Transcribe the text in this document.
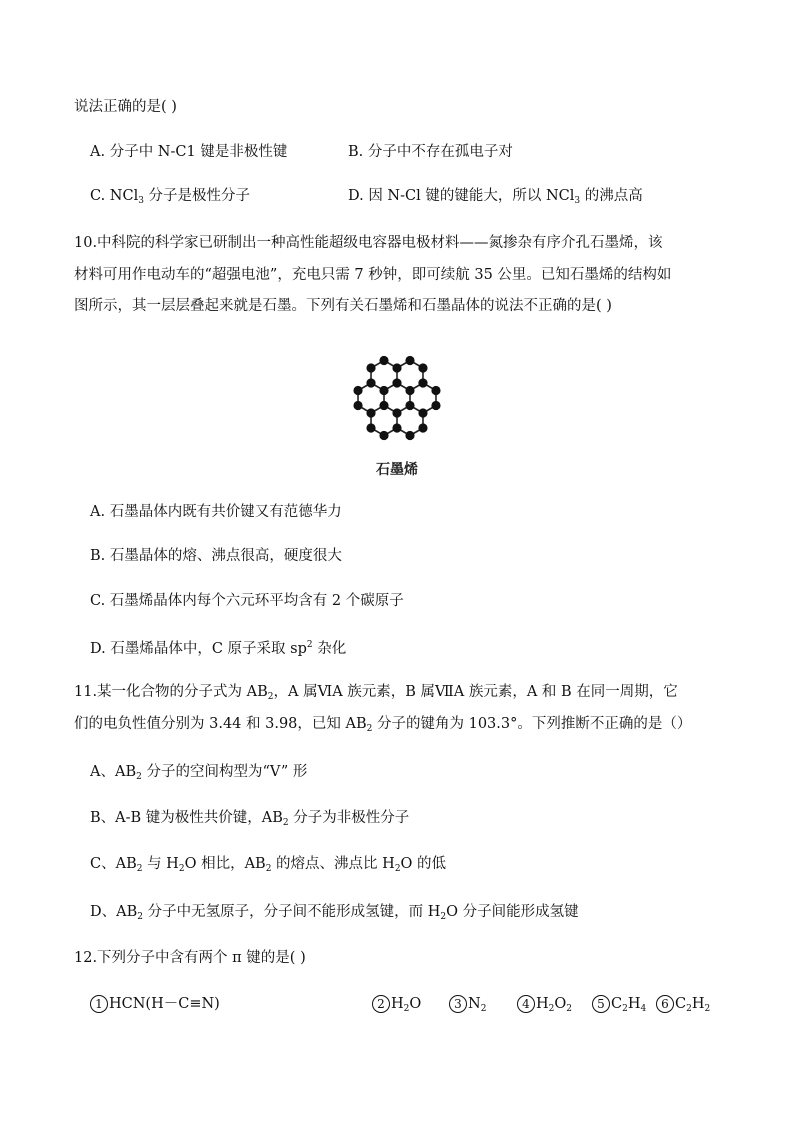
说法正确的是( )
A. 分子中 N-C1 键是非极性键	B. 分子中不存在孤电子对
C. NCl$_3$ 分子是极性分子	D. 因 N-Cl 键的键能大，所以 NCl$_3$ 的沸点高
10.中科院的科学家已研制出一种高性能超级电容器电极材料——氮掺杂有序介孔石墨烯，该
材料可用作电动车的“超强电池”，充电只需 7 秒钟，即可续航 35 公里。已知石墨烯的结构如
图所示，其一层层叠起来就是石墨。下列有关石墨烯和石墨晶体的说法不正确的是( )
石墨烯
A. 石墨晶体内既有共价键又有范德华力
B. 石墨晶体的熔、沸点很高，硬度很大
C. 石墨烯晶体内每个六元环平均含有 2 个碳原子
D. 石墨烯晶体中，C 原子采取 $sp^2$ 杂化
11.某一化合物的分子式为 $AB_2$，A 属ⅥA 族元素，B 属ⅦA 族元素，A 和 B 在同一周期，它
们的电负性值分别为 3.44 和 3.98，已知 $AB_2$ 分子的键角为 103.3°。下列推断不正确的是（）
A、$AB_2$ 分子的空间构型为“V” 形
B、A-B 键为极性共价键，$AB_2$ 分子为非极性分子
C、$AB_2$ 与 $H_2O$ 相比，$AB_2$ 的熔点、沸点比 $H_2O$ 的低
D、$AB_2$ 分子中无氢原子，分子间不能形成氢键，而 $H_2O$ 分子间能形成氢键
12.下列分子中含有两个 π 键的是( )
1 HCN(H－C≡N)	2 $H_2O$	3 $N_2$	4 $H_2O_2$	5 $C_2H_4$	6 $C_2H_2$
